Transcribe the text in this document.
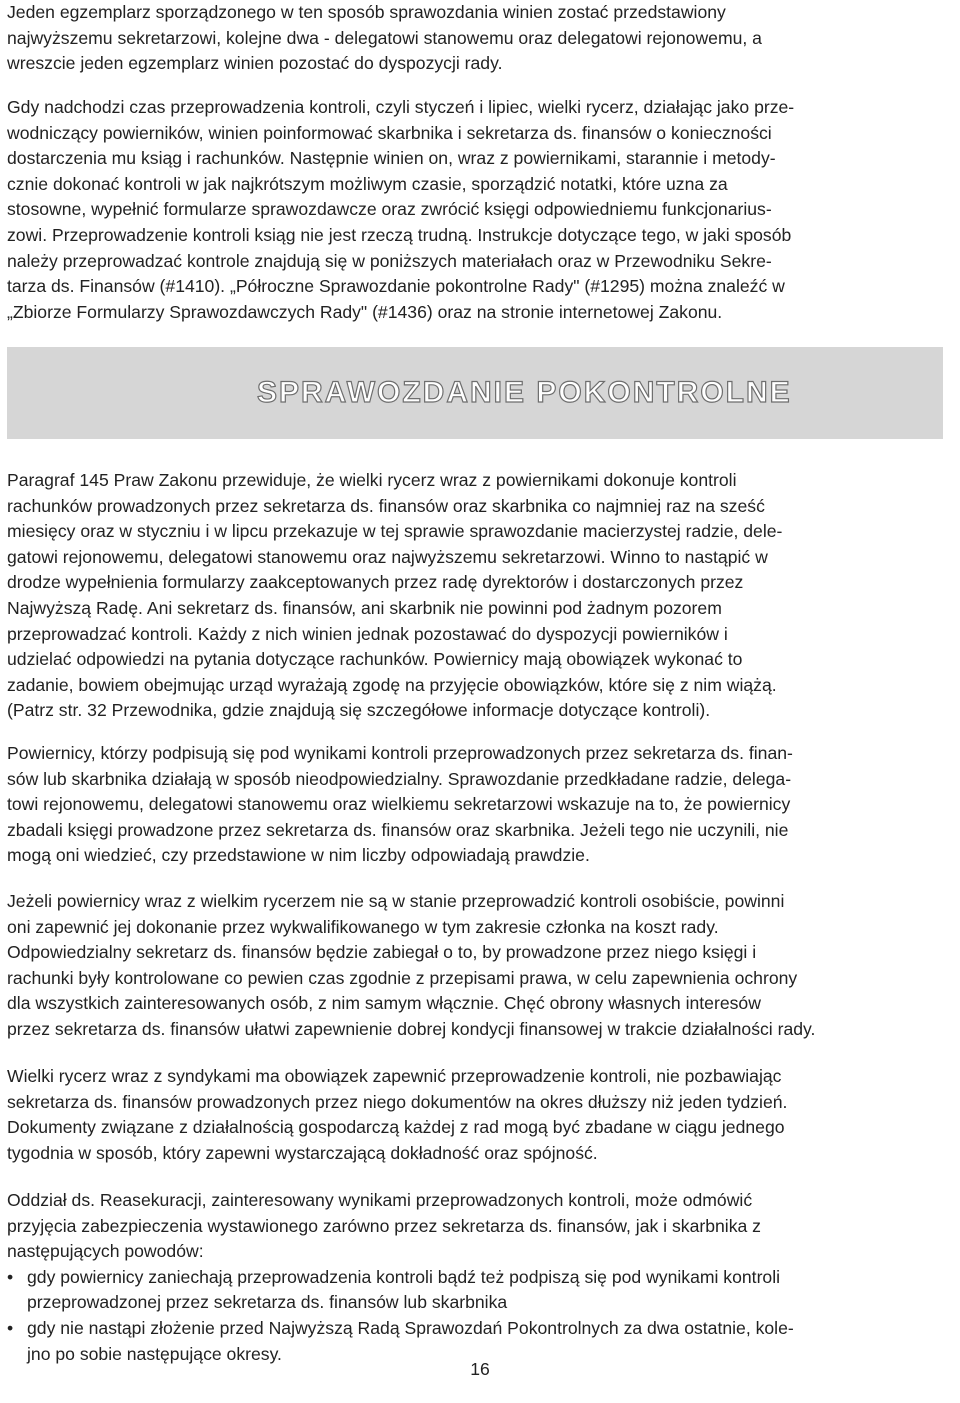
Jeden egzemplarz sporządzonego w ten sposób sprawozdania winien zostać przedstawiony
najwyższemu sekretarzowi, kolejne dwa - delegatowi stanowemu oraz delegatowi rejonowemu, a
wreszcie jeden egzemplarz winien pozostać do dyspozycji rady.
Gdy nadchodzi czas przeprowadzenia kontroli, czyli styczeń i lipiec, wielki rycerz, działając jako prze-
wodniczący powierników, winien poinformować skarbnika i sekretarza ds. finansów o konieczności
dostarczenia mu ksiąg i rachunków. Następnie winien on, wraz z powiernikami, starannie i metody-
cznie dokonać kontroli w jak najkrótszym możliwym czasie, sporządzić notatki, które uzna za
stosowne, wypełnić formularze sprawozdawcze oraz zwrócić księgi odpowiedniemu funkcjonarius-
zowi. Przeprowadzenie kontroli ksiąg nie jest rzeczą trudną. Instrukcje dotyczące tego, w jaki sposób
należy przeprowadzać kontrole znajdują się w poniższych materiałach oraz w Przewodniku Sekre-
tarza ds. Finansów (#1410). „Półroczne Sprawozdanie pokontrolne Rady" (#1295) można znaleźć w
„Zbiorze Formularzy Sprawozdawczych Rady" (#1436) oraz na stronie internetowej Zakonu.
SPRAWOZDANIE POKONTROLNE
Paragraf 145 Praw Zakonu przewiduje, że wielki rycerz wraz z powiernikami dokonuje kontroli
rachunków prowadzonych przez sekretarza ds. finansów oraz skarbnika co najmniej raz na sześć
miesięcy oraz w styczniu i w lipcu przekazuje w tej sprawie sprawozdanie macierzystej radzie, dele-
gatowi rejonowemu, delegatowi stanowemu oraz najwyższemu sekretarzowi. Winno to nastąpić w
drodze wypełnienia formularzy zaakceptowanych przez radę dyrektorów i dostarczonych przez
Najwyższą Radę. Ani sekretarz ds. finansów, ani skarbnik nie powinni pod żadnym pozorem
przeprowadzać kontroli. Każdy z nich winien jednak pozostawać do dyspozycji powierników i
udzielać odpowiedzi na pytania dotyczące rachunków. Powiernicy mają obowiązek wykonać to
zadanie, bowiem obejmując urząd wyrażają zgodę na przyjęcie obowiązków, które się z nim wiążą.
(Patrz str. 32 Przewodnika, gdzie znajdują się szczegółowe informacje dotyczące kontroli).
Powiernicy, którzy podpisują się pod wynikami kontroli przeprowadzonych przez sekretarza ds. finan-
sów lub skarbnika działają w sposób nieodpowiedzialny. Sprawozdanie przedkładane radzie, delega-
towi rejonowemu, delegatowi stanowemu oraz wielkiemu sekretarzowi wskazuje na to, że powiernicy
zbadali księgi prowadzone przez sekretarza ds. finansów oraz skarbnika. Jeżeli tego nie uczynili, nie
mogą oni wiedzieć, czy przedstawione w nim liczby odpowiadają prawdzie.
Jeżeli powiernicy wraz z wielkim rycerzem nie są w stanie przeprowadzić kontroli osobiście, powinni
oni zapewnić jej dokonanie przez wykwalifikowanego w tym zakresie członka na koszt rady.
Odpowiedzialny sekretarz ds. finansów będzie zabiegał o to, by prowadzone przez niego księgi i
rachunki były kontrolowane co pewien czas zgodnie z przepisami prawa, w celu zapewnienia ochrony
dla wszystkich zainteresowanych osób, z nim samym włącznie. Chęć obrony własnych interesów
przez sekretarza ds. finansów ułatwi zapewnienie dobrej kondycji finansowej w trakcie działalności rady.
Wielki rycerz wraz z syndykami ma obowiązek zapewnić przeprowadzenie kontroli, nie pozbawiając
sekretarza ds. finansów prowadzonych przez niego dokumentów na okres dłuższy niż jeden tydzień.
Dokumenty związane z działalnością gospodarczą każdej z rad mogą być zbadane w ciągu jednego
tygodnia w sposób, który zapewni wystarczającą dokładność oraz spójność.
Oddział ds. Reasekuracji, zainteresowany wynikami przeprowadzonych kontroli, może odmówić
przyjęcia zabezpieczenia wystawionego zarówno przez sekretarza ds. finansów, jak i skarbnika z
następujących powodów:
• gdy powiernicy zaniechają przeprowadzenia kontroli bądź też podpiszą się pod wynikami kontroli
przeprowadzonej przez sekretarza ds. finansów lub skarbnika
• gdy nie nastąpi złożenie przed Najwyższą Radą Sprawozdań Pokontrolnych za dwa ostatnie, kole-
jno po sobie następujące okresy.
16
